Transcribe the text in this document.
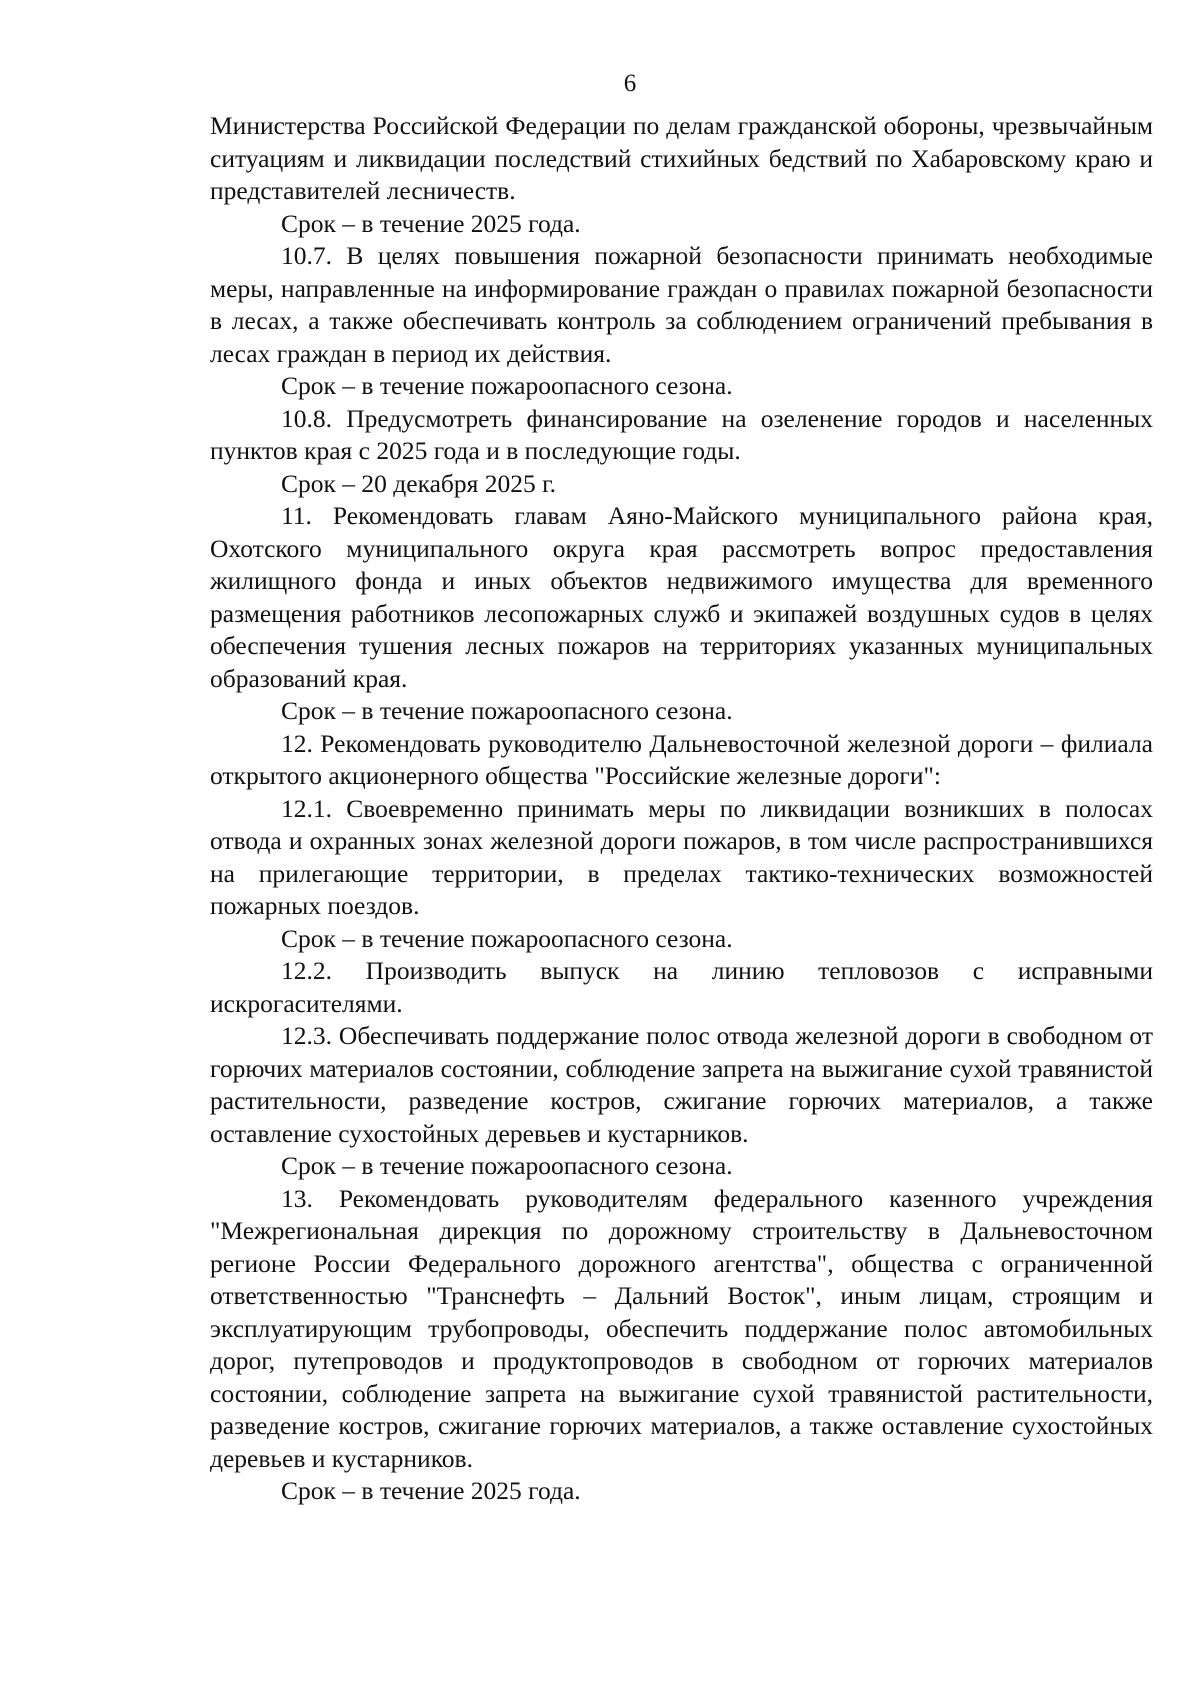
6

Министерства Российской Федерации по делам гражданской обороны, чрезвычайным ситуациям и ликвидации последствий стихийных бедствий по Хабаровскому краю и представителей лесничеств.

Срок – в течение 2025 года.

10.7. В целях повышения пожарной безопасности принимать необходимые меры, направленные на информирование граждан о правилах пожарной безопасности в лесах, а также обеспечивать контроль за соблюдением ограничений пребывания в лесах граждан в период их действия.

Срок – в течение пожароопасного сезона.

10.8. Предусмотреть финансирование на озеленение городов и населенных пунктов края с 2025 года и в последующие годы.

Срок – 20 декабря 2025 г.

11. Рекомендовать главам Аяно-Майского муниципального района края, Охотского муниципального округа края рассмотреть вопрос предоставления жилищного фонда и иных объектов недвижимого имущества для временного размещения работников лесопожарных служб и экипажей воздушных судов в целях обеспечения тушения лесных пожаров на территориях указанных муниципальных образований края.

Срок – в течение пожароопасного сезона.

12. Рекомендовать руководителю Дальневосточной железной дороги – филиала открытого акционерного общества "Российские железные дороги":

12.1. Своевременно принимать меры по ликвидации возникших в полосах отвода и охранных зонах железной дороги пожаров, в том числе распространившихся на прилегающие территории, в пределах тактико-технических возможностей пожарных поездов.

Срок – в течение пожароопасного сезона.

12.2. Производить выпуск на линию тепловозов с исправными искрогасителями.

12.3. Обеспечивать поддержание полос отвода железной дороги в свободном от горючих материалов состоянии, соблюдение запрета на выжигание сухой травянистой растительности, разведение костров, сжигание горючих материалов, а также оставление сухостойных деревьев и кустарников.

Срок – в течение пожароопасного сезона.

13. Рекомендовать руководителям федерального казенного учреждения "Межрегиональная дирекция по дорожному строительству в Дальневосточном регионе России Федерального дорожного агентства", общества с ограниченной ответственностью "Транснефть – Дальний Восток", иным лицам, строящим и эксплуатирующим трубопроводы, обеспечить поддержание полос автомобильных дорог, путепроводов и продуктопроводов в свободном от горючих материалов состоянии, соблюдение запрета на выжигание сухой травянистой растительности, разведение костров, сжигание горючих материалов, а также оставление сухостойных деревьев и кустарников.

Срок – в течение 2025 года.
